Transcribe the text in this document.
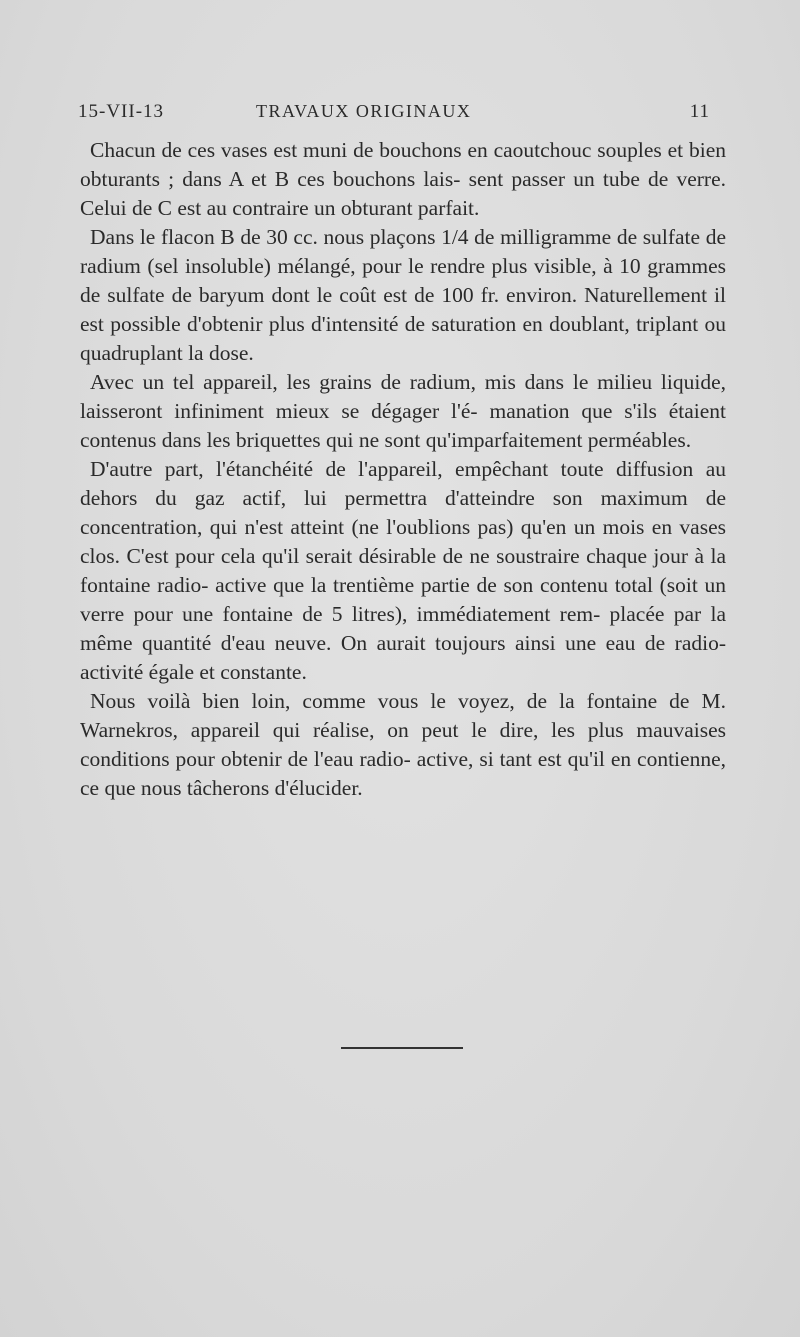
15-VII-13	TRAVAUX ORIGINAUX	11

Chacun de ces vases est muni de bouchons en caoutchouc souples et bien obturants ; dans A et B ces bouchons lais- sent passer un tube de verre. Celui de C est au contraire un obturant parfait.

Dans le flacon B de 30 cc. nous plaçons 1/4 de milligramme de sulfate de radium (sel insoluble) mélangé, pour le rendre plus visible, à 10 grammes de sulfate de baryum dont le coût est de 100 fr. environ. Naturellement il est possible d'obtenir plus d'intensité de saturation en doublant, triplant ou quadruplant la dose.

Avec un tel appareil, les grains de radium, mis dans le milieu liquide, laisseront infiniment mieux se dégager l'é- manation que s'ils étaient contenus dans les briquettes qui ne sont qu'imparfaitement perméables.

D'autre part, l'étanchéité de l'appareil, empêchant toute diffusion au dehors du gaz actif, lui permettra d'atteindre son maximum de concentration, qui n'est atteint (ne l'oublions pas) qu'en un mois en vases clos. C'est pour cela qu'il serait désirable de ne soustraire chaque jour à la fontaine radio- active que la trentième partie de son contenu total (soit un verre pour une fontaine de 5 litres), immédiatement rem- placée par la même quantité d'eau neuve. On aurait toujours ainsi une eau de radio-activité égale et constante.

Nous voilà bien loin, comme vous le voyez, de la fontaine de M. Warnekros, appareil qui réalise, on peut le dire, les plus mauvaises conditions pour obtenir de l'eau radio- active, si tant est qu'il en contienne, ce que nous tâcherons d'élucider.
